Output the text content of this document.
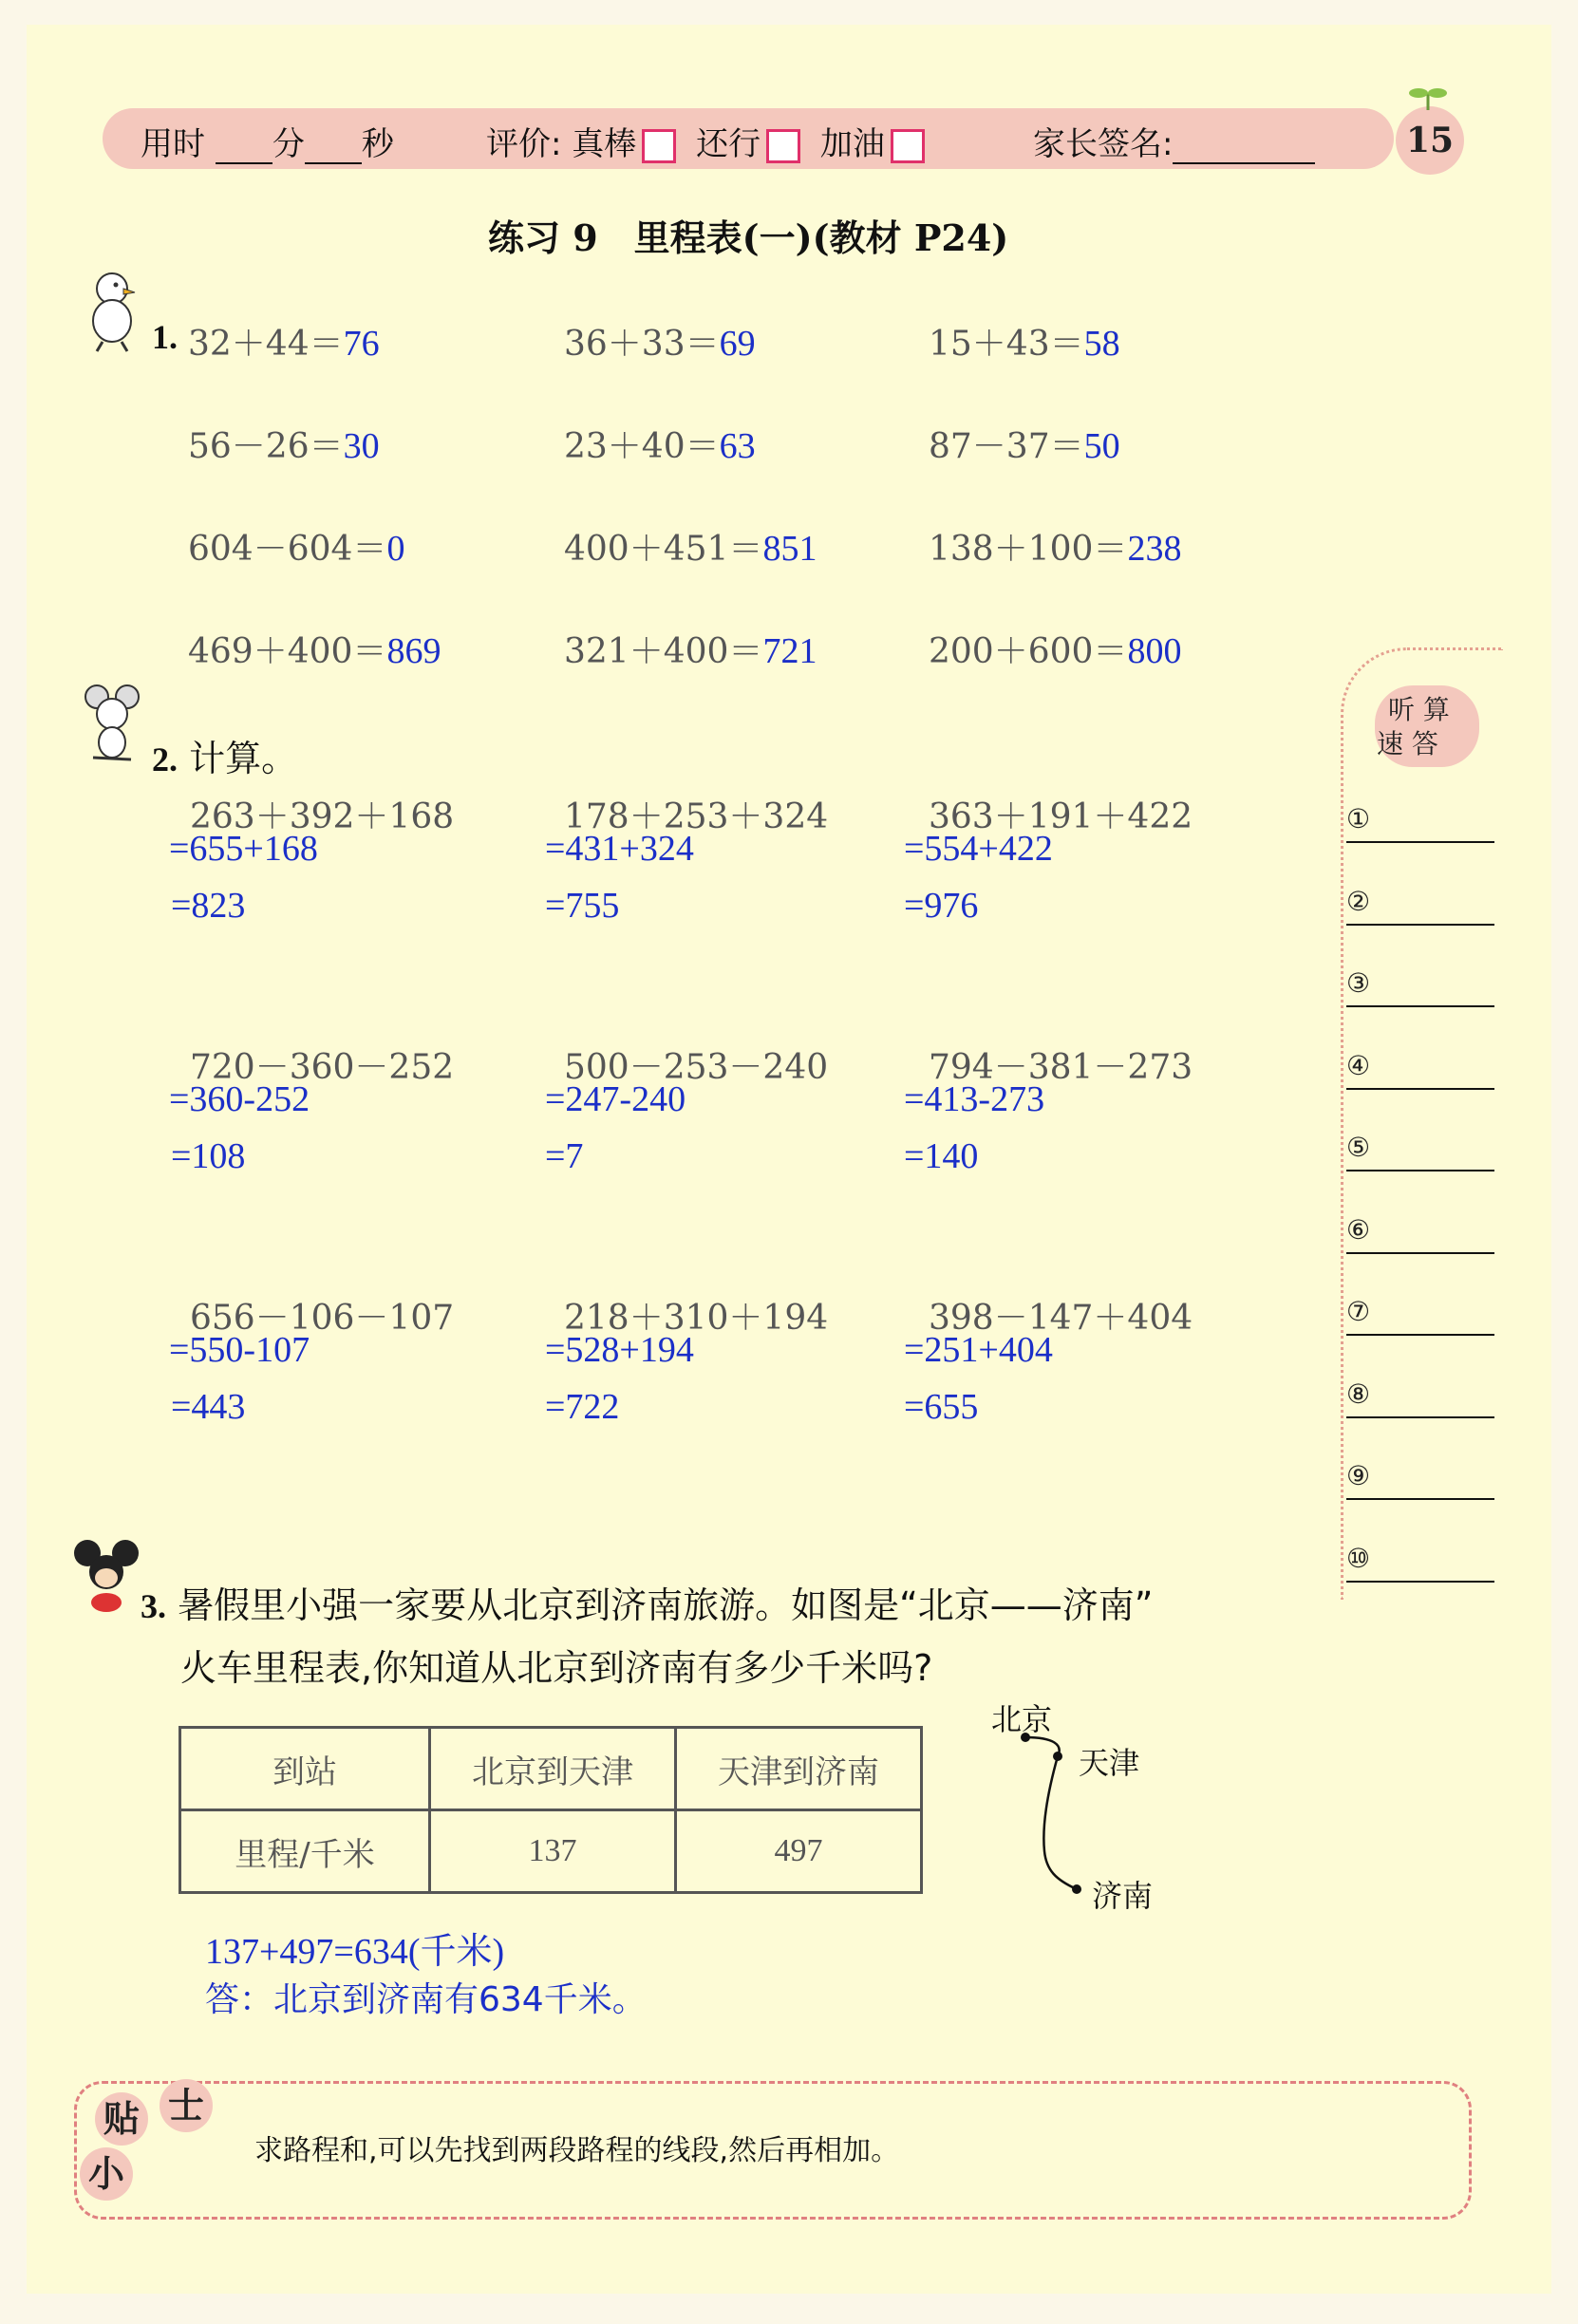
用时 分 秒	评价: 真棒 还行 加油	家长签名:	15
练习 9　里程表(一)(教材 P24)
1. 32＋44＝76	36＋33＝69	15＋43＝58
56－26＝30	23＋40＝63	87－37＝50
604－604＝0	400＋451＝851	138＋100＝238
469＋400＝869	321＋400＝721	200＋600＝800
2. 计算。
263＋392＋168
=655+168
=823
178＋253＋324
=431+324
=755
363＋191＋422
=554+422
=976
720－360－252
=360-252
=108
500－253－240
=247-240
=7
794－381－273
=413-273
=140
656－106－107
=550-107
=443
218＋310＋194
=528+194
=722
398－147＋404
=251+404
=655
听 算
速 答
①
②
③
④
⑤
⑥
⑦
⑧
⑨
⑩
3. 暑假里小强一家要从北京到济南旅游。如图是“北京——济南”
火车里程表,你知道从北京到济南有多少千米吗?
到站	北京到天津	天津到济南
里程/千米	137	497
北京
天津
济南
137+497=634(千米)
答：北京到济南有634千米。
贴 士
小
求路程和,可以先找到两段路程的线段,然后再相加。
